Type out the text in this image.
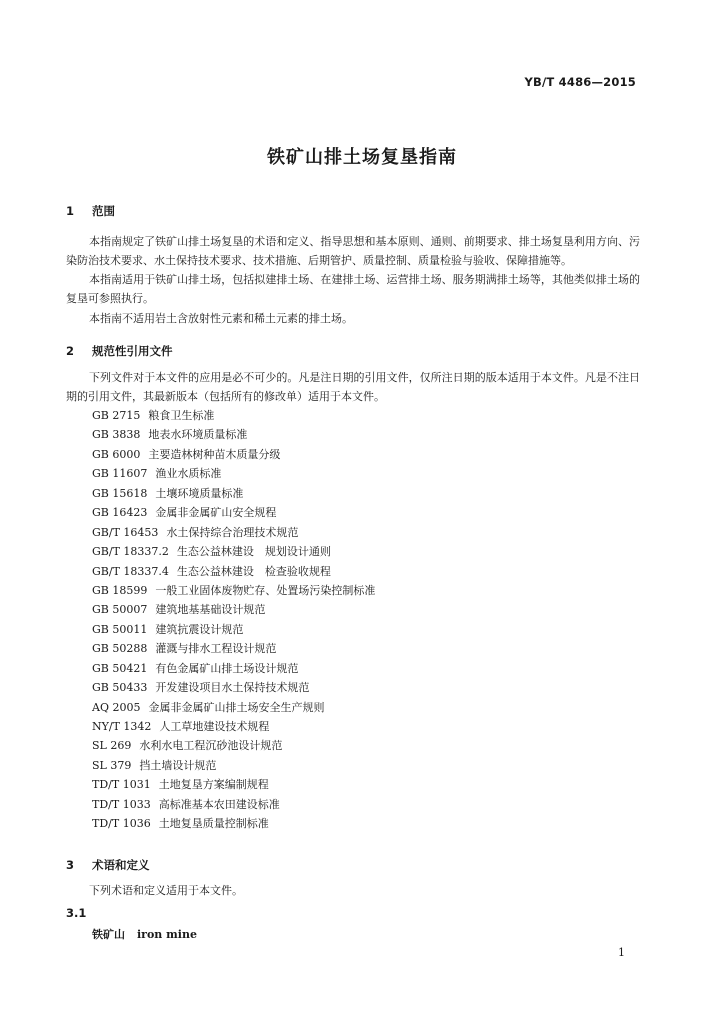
YB/T 4486—2015
铁矿山排土场复垦指南
1 范围
本指南规定了铁矿山排土场复垦的术语和定义、指导思想和基本原则、通则、前期要求、排土场复垦利用方向、污染防治技术要求、水土保持技术要求、技术措施、后期管护、质量控制、质量检验与验收、保障措施等。
本指南适用于铁矿山排土场，包括拟建排土场、在建排土场、运营排土场、服务期满排土场等，其他类似排土场的复垦可参照执行。
本指南不适用岩土含放射性元素和稀土元素的排土场。
2 规范性引用文件
下列文件对于本文件的应用是必不可少的。凡是注日期的引用文件，仅所注日期的版本适用于本文件。凡是不注日期的引用文件，其最新版本（包括所有的修改单）适用于本文件。
GB 2715 粮食卫生标准
GB 3838 地表水环境质量标准
GB 6000 主要造林树种苗木质量分级
GB 11607 渔业水质标准
GB 15618 土壤环境质量标准
GB 16423 金属非金属矿山安全规程
GB/T 16453 水土保持综合治理技术规范
GB/T 18337.2 生态公益林建设　规划设计通则
GB/T 18337.4 生态公益林建设　检查验收规程
GB 18599 一般工业固体废物贮存、处置场污染控制标准
GB 50007 建筑地基基础设计规范
GB 50011 建筑抗震设计规范
GB 50288 灌溉与排水工程设计规范
GB 50421 有色金属矿山排土场设计规范
GB 50433 开发建设项目水土保持技术规范
AQ 2005 金属非金属矿山排土场安全生产规则
NY/T 1342 人工草地建设技术规程
SL 269 水利水电工程沉砂池设计规范
SL 379 挡土墙设计规范
TD/T 1031 土地复垦方案编制规程
TD/T 1033 高标准基本农田建设标准
TD/T 1036 土地复垦质量控制标准
3 术语和定义
下列术语和定义适用于本文件。
3.1
铁矿山 iron mine
1
